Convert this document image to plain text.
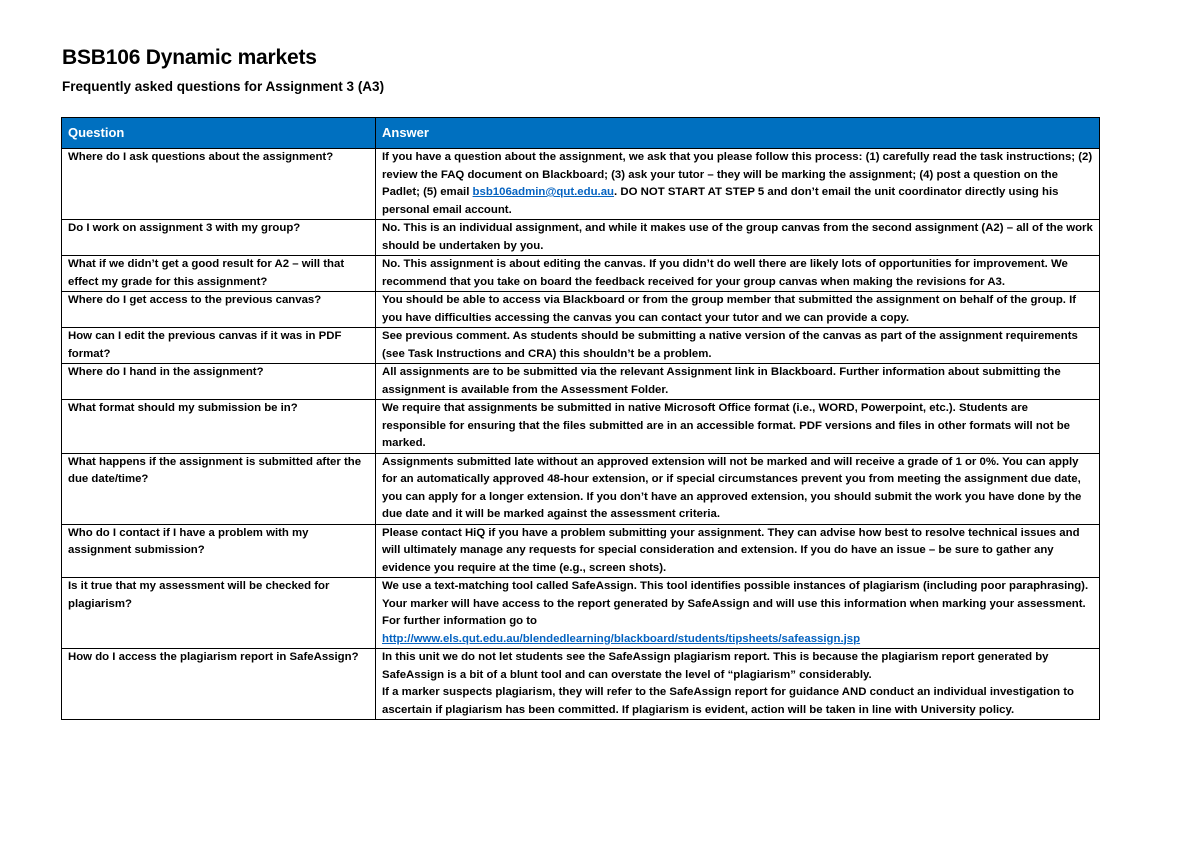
BSB106 Dynamic markets
Frequently asked questions for Assignment 3 (A3)
Question	Answer
Where do I ask questions about the assignment?	If you have a question about the assignment, we ask that you please follow this process: (1) carefully read the task instructions; (2) review the FAQ document on Blackboard; (3) ask your tutor – they will be marking the assignment; (4) post a question on the Padlet; (5) email bsb106admin@qut.edu.au. DO NOT START AT STEP 5 and don’t email the unit coordinator directly using his personal email account.
Do I work on assignment 3 with my group?	No. This is an individual assignment, and while it makes use of the group canvas from the second assignment (A2) – all of the work should be undertaken by you.
What if we didn’t get a good result for A2 – will that effect my grade for this assignment?	No. This assignment is about editing the canvas. If you didn’t do well there are likely lots of opportunities for improvement. We recommend that you take on board the feedback received for your group canvas when making the revisions for A3.
Where do I get access to the previous canvas?	You should be able to access via Blackboard or from the group member that submitted the assignment on behalf of the group. If you have difficulties accessing the canvas you can contact your tutor and we can provide a copy.
How can I edit the previous canvas if it was in PDF format?	See previous comment. As students should be submitting a native version of the canvas as part of the assignment requirements (see Task Instructions and CRA) this shouldn’t be a problem.
Where do I hand in the assignment?	All assignments are to be submitted via the relevant Assignment link in Blackboard. Further information about submitting the assignment is available from the Assessment Folder.
What format should my submission be in?	We require that assignments be submitted in native Microsoft Office format (i.e., WORD, Powerpoint, etc.). Students are responsible for ensuring that the files submitted are in an accessible format. PDF versions and files in other formats will not be marked.
What happens if the assignment is submitted after the due date/time?	Assignments submitted late without an approved extension will not be marked and will receive a grade of 1 or 0%. You can apply for an automatically approved 48-hour extension, or if special circumstances prevent you from meeting the assignment due date, you can apply for a longer extension. If you don’t have an approved extension, you should submit the work you have done by the due date and it will be marked against the assessment criteria.
Who do I contact if I have a problem with my assignment submission?	Please contact HiQ if you have a problem submitting your assignment. They can advise how best to resolve technical issues and will ultimately manage any requests for special consideration and extension. If you do have an issue – be sure to gather any evidence you require at the time (e.g., screen shots).
Is it true that my assessment will be checked for plagiarism?	We use a text-matching tool called SafeAssign. This tool identifies possible instances of plagiarism (including poor paraphrasing).
Your marker will have access to the report generated by SafeAssign and will use this information when marking your assessment. For further information go to
http://www.els.qut.edu.au/blendedlearning/blackboard/students/tipsheets/safeassign.jsp

How do I access the plagiarism report in SafeAssign?	In this unit we do not let students see the SafeAssign plagiarism report. This is because the plagiarism report generated by SafeAssign is a bit of a blunt tool and can overstate the level of “plagiarism” considerably.
If a marker suspects plagiarism, they will refer to the SafeAssign report for guidance AND conduct an individual investigation to ascertain if plagiarism has been committed. If plagiarism is evident, action will be taken in line with University policy.
